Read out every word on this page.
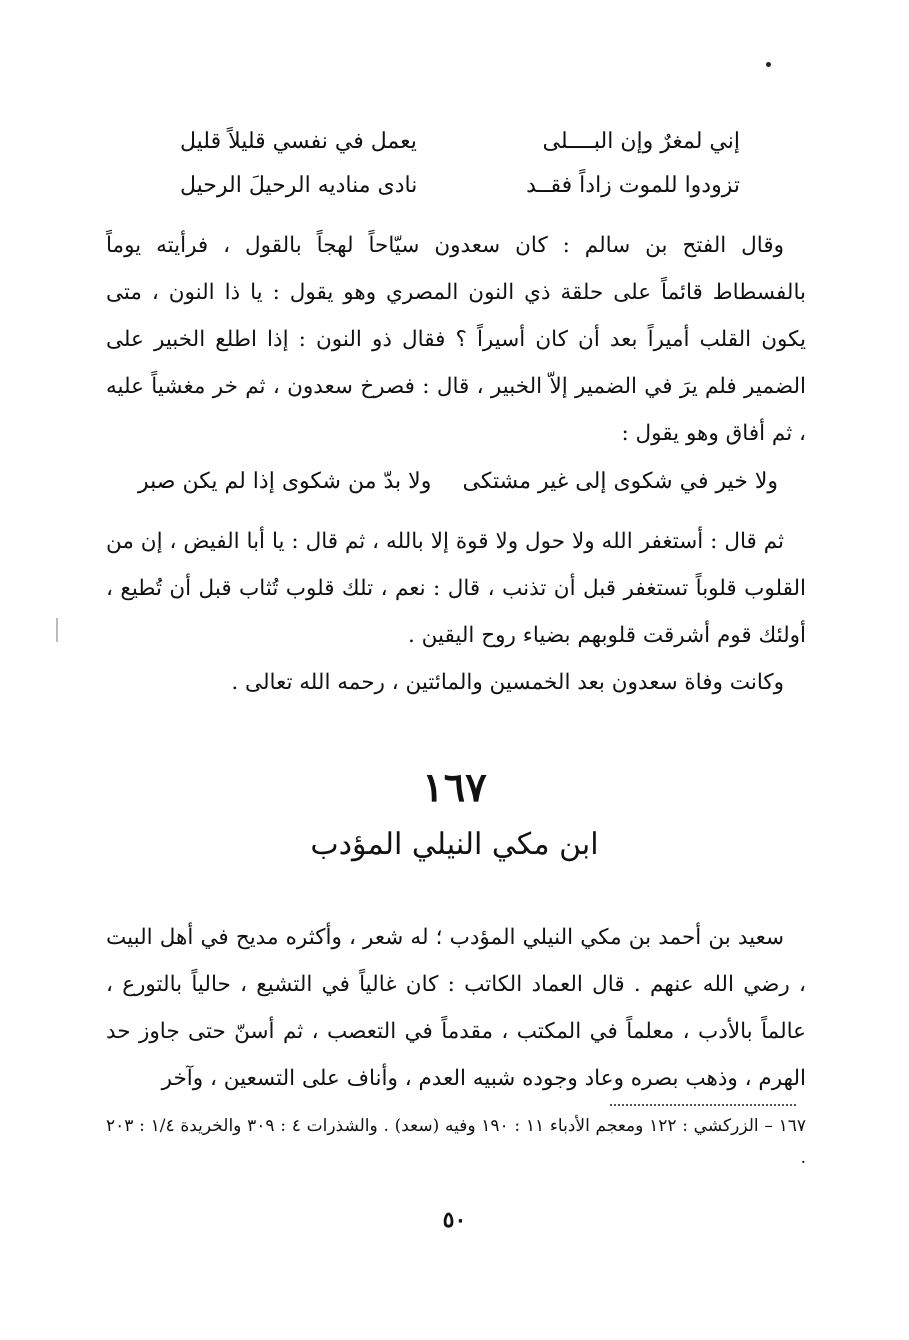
إني لمغرٌ وإن البــــلى
يعمل في نفسي قليلاً قليل
تزودوا للموت زاداً فقــد
نادى مناديه الرحيلَ الرحيل

وقال الفتح بن سالم : كان سعدون سيّاحاً لهجاً بالقول ، فرأيته يوماً بالفسطاط قائماً على حلقة ذي النون المصري وهو يقول : يا ذا النون ، متى يكون القلب أميراً بعد أن كان أسيراً ؟ فقال ذو النون : إذا اطلع الخبير على الضمير فلم يرَ في الضمير إلاّ الخبير ، قال : فصرخ سعدون ، ثم خر مغشياً عليه ، ثم أفاق وهو يقول :

ولا خير في شكوى إلى غير مشتكى
ولا بدّ من شكوى إذا لم يكن صبر

ثم قال : أستغفر الله ولا حول ولا قوة إلا بالله ، ثم قال : يا أبا الفيض ، إن من القلوب قلوباً تستغفر قبل أن تذنب ، قال : نعم ، تلك قلوب تُثاب قبل أن تُطيع ، أولئك قوم أشرقت قلوبهم بضياء روح اليقين .

وكانت وفاة سعدون بعد الخمسين والمائتين ، رحمه الله تعالى .

١٦٧
ابن مكي النيلي المؤدب

سعيد بن أحمد بن مكي النيلي المؤدب ؛ له شعر ، وأكثره مديح في أهل البيت ، رضي الله عنهم . قال العماد الكاتب : كان غالياً في التشيع ، حالياً بالتورع ، عالماً بالأدب ، معلماً في المكتب ، مقدماً في التعصب ، ثم أسنّ حتى جاوز حد الهرم ، وذهب بصره وعاد وجوده شبيه العدم ، وأناف على التسعين ، وآخر

١٦٧ – الزركشي : ١٢٢ ومعجم الأدباء ١١ : ١٩٠ وفيه (سعد) . والشذرات ٤ : ٣٠٩ والخريدة ١/٤ : ٢٠٣ .

٥٠
